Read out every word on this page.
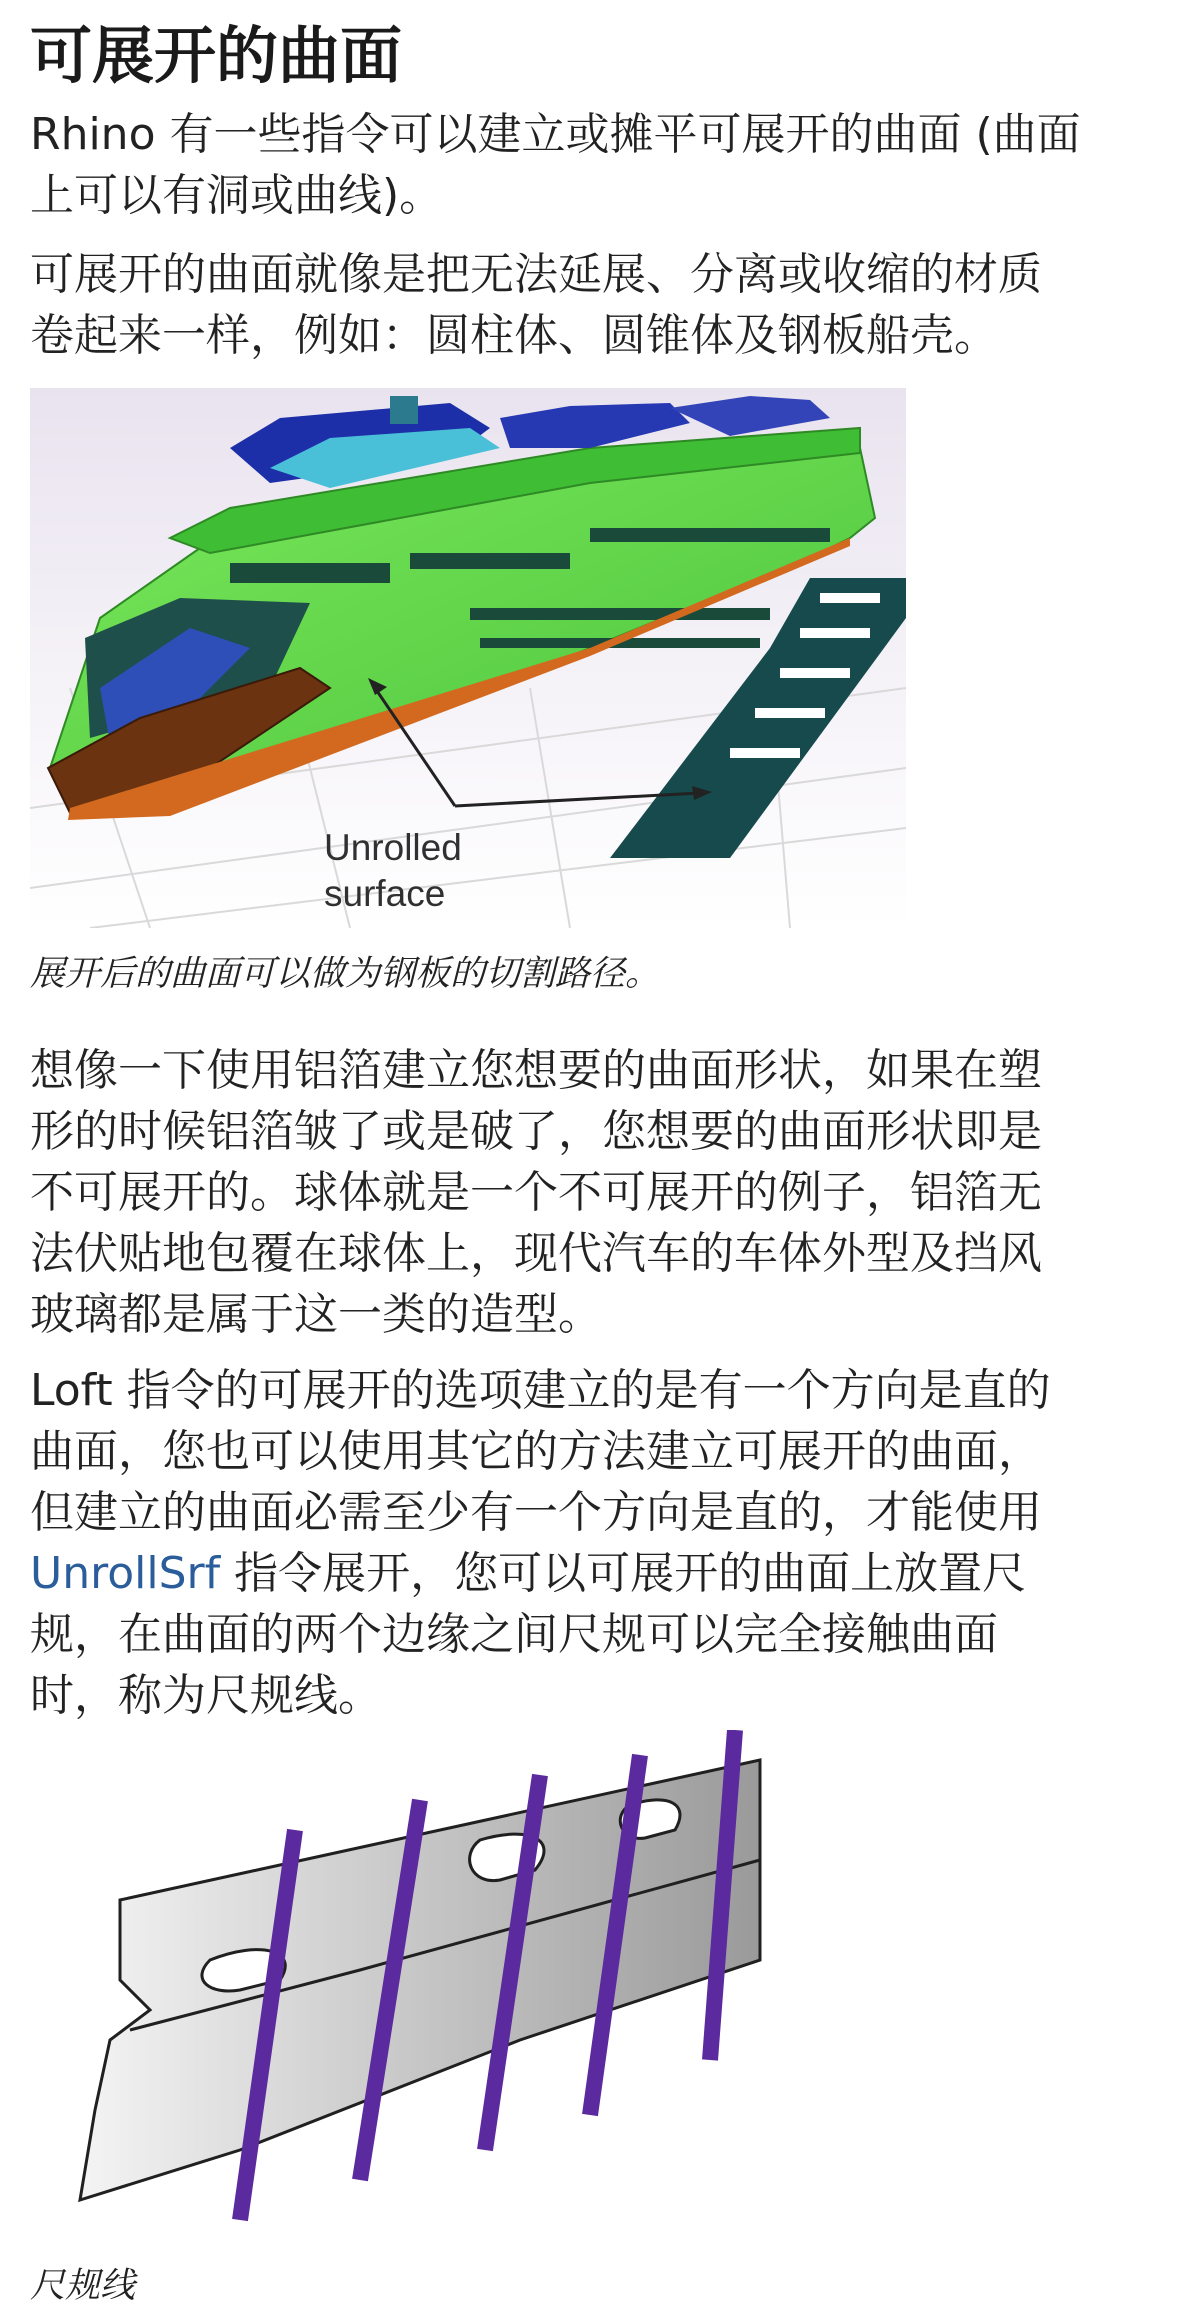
可展开的曲面

Rhino 有一些指令可以建立或摊平可展开的曲面 (曲面
上可以有洞或曲线)。

可展开的曲面就像是把无法延展、分离或收缩的材质
卷起来一样，例如：圆柱体、圆锥体及钢板船壳。

Unrolled
surface

展开后的曲面可以做为钢板的切割路径。

想像一下使用铝箔建立您想要的曲面形状，如果在塑
形的时候铝箔皱了或是破了，您想要的曲面形状即是
不可展开的。球体就是一个不可展开的例子，铝箔无
法伏贴地包覆在球体上，现代汽车的车体外型及挡风
玻璃都是属于这一类的造型。

Loft 指令的可展开的选项建立的是有一个方向是直的
曲面，您也可以使用其它的方法建立可展开的曲面，
但建立的曲面必需至少有一个方向是直的，才能使用
UnrollSrf 指令展开，您可以可展开的曲面上放置尺
规，在曲面的两个边缘之间尺规可以完全接触曲面
时，称为尺规线。

尺规线
